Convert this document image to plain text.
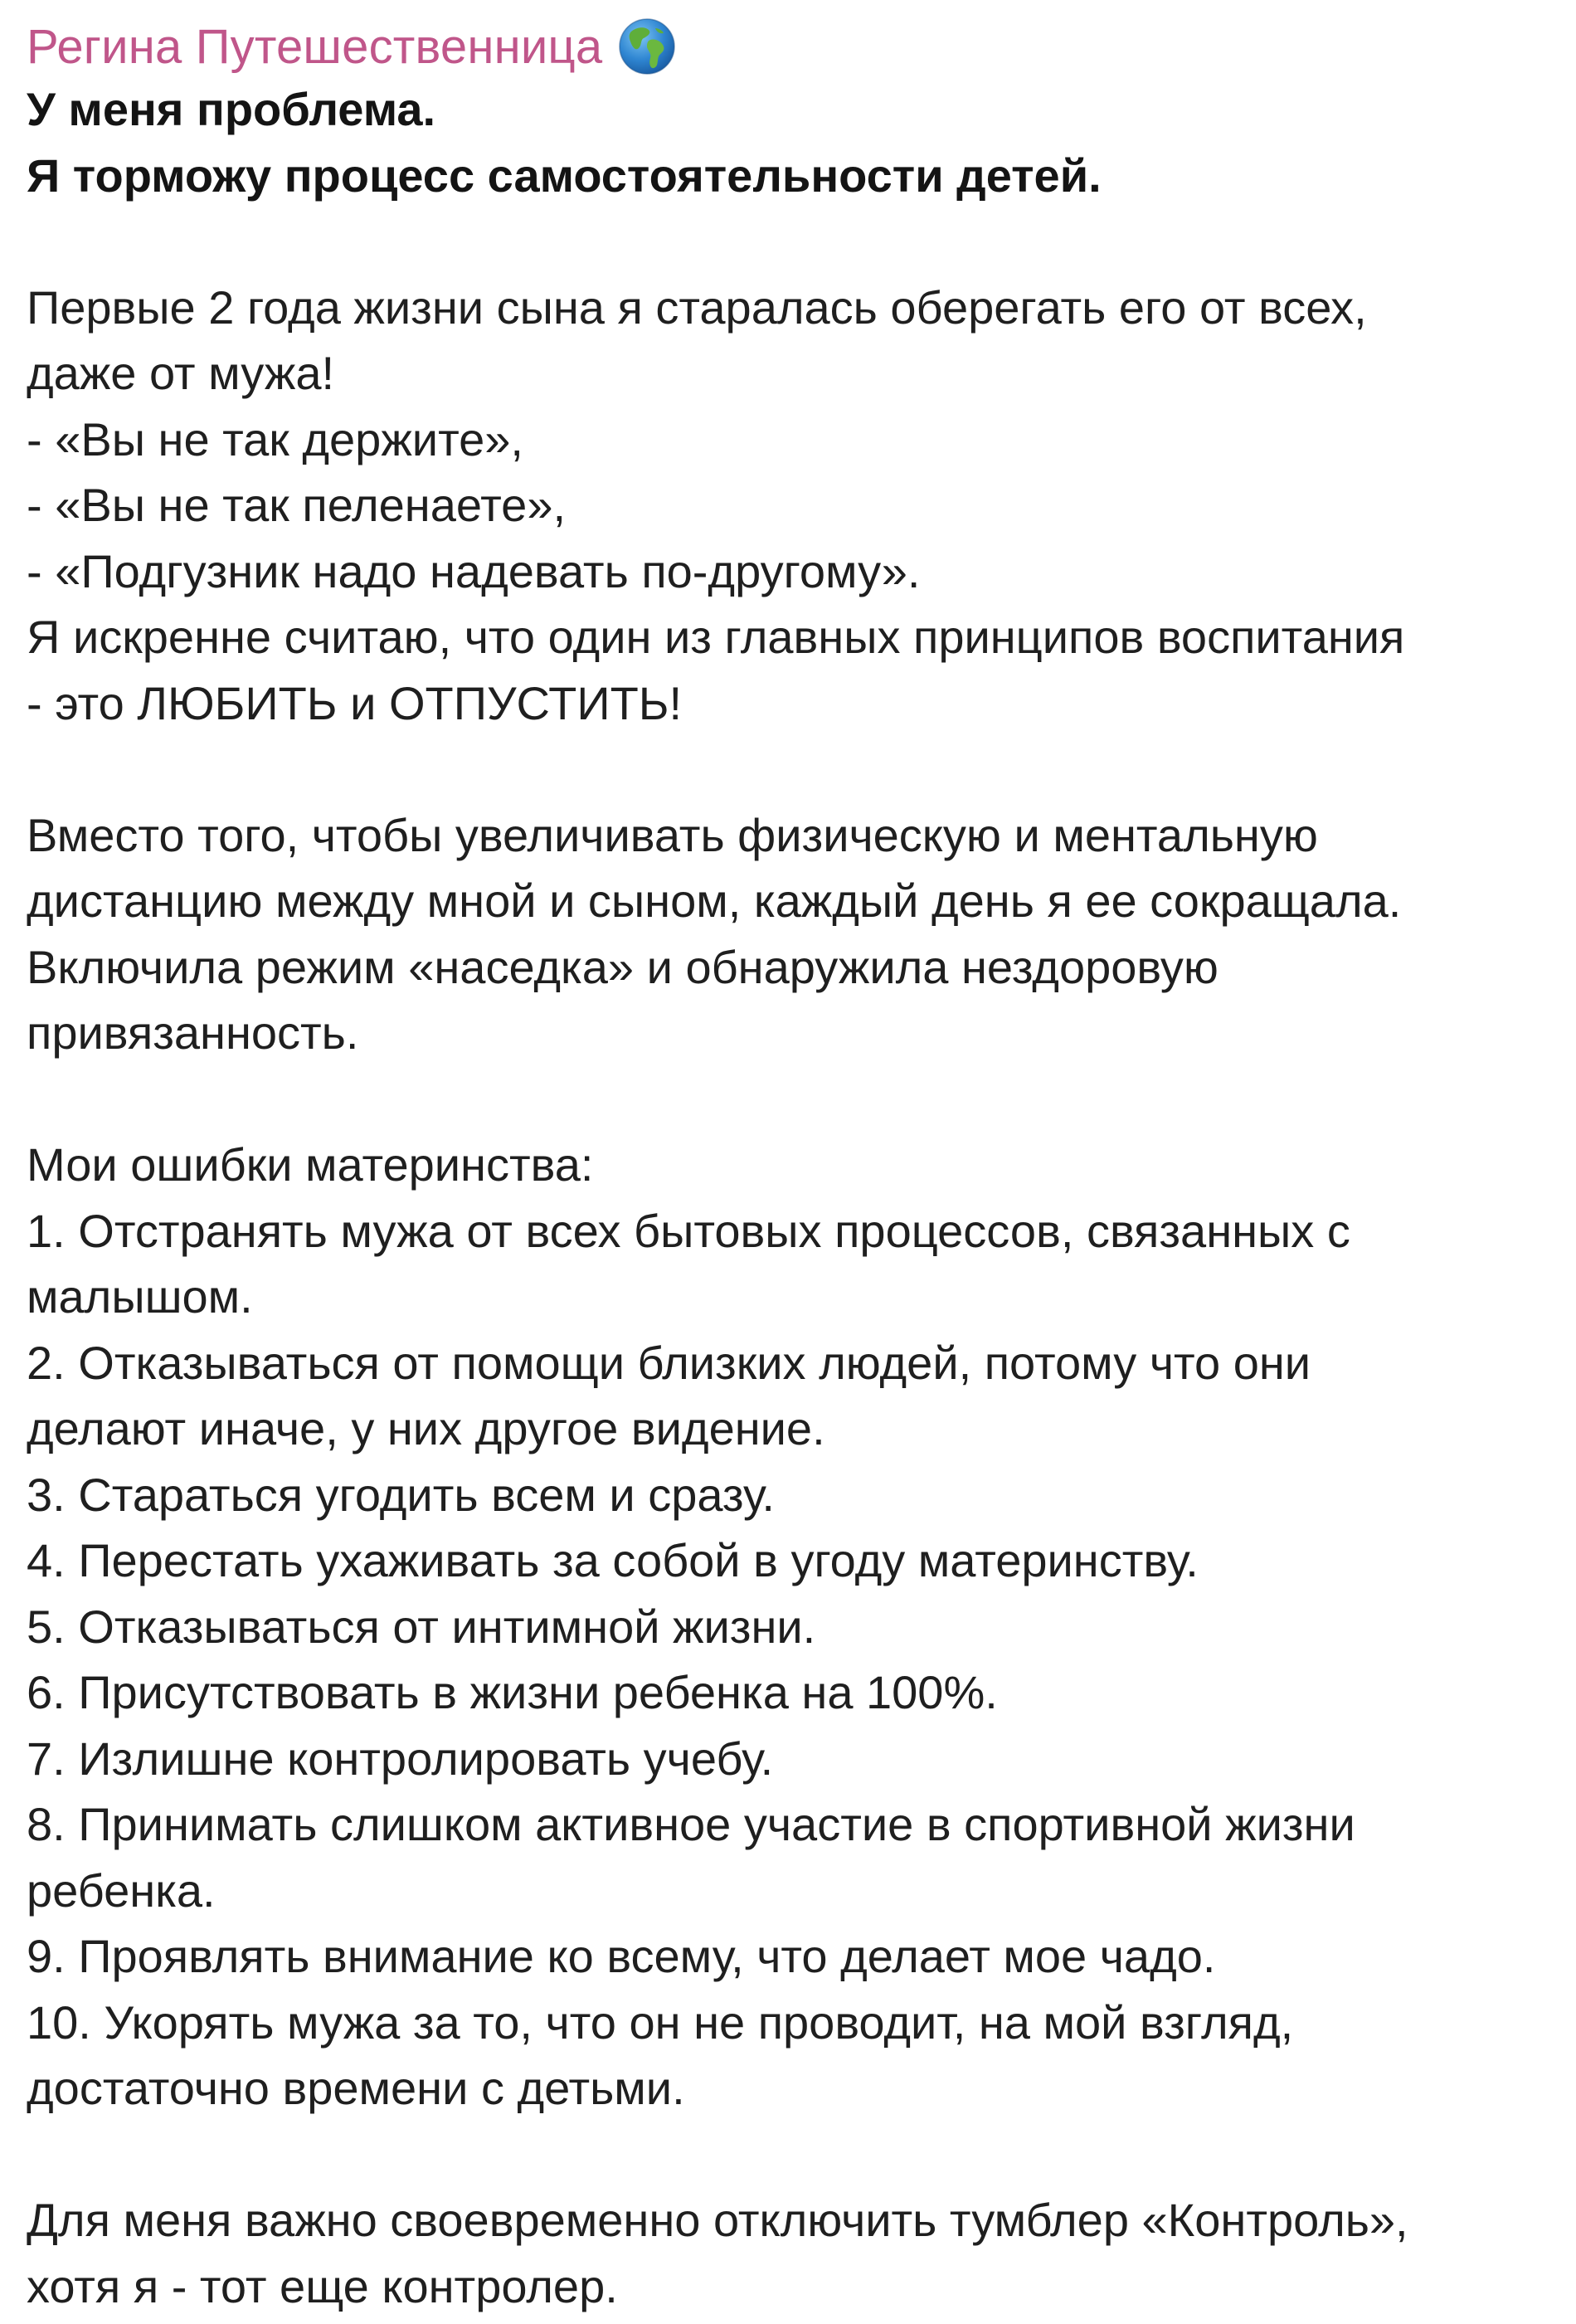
Регина Путешественница
У меня проблема.
Я торможу процесс самостоятельности детей.
Первые 2 года жизни сына я старалась оберегать его от всех,
даже от мужа!
- «Вы не так держите»,
- «Вы не так пеленаете»,
- «Подгузник надо надевать по-другому».
Я искренне считаю, что один из главных принципов воспитания
- это ЛЮБИТЬ и ОТПУСТИТЬ!
Вместо того, чтобы увеличивать физическую и ментальную
дистанцию между мной и сыном, каждый день я ее сокращала.
Включила режим «наседка» и обнаружила нездоровую
привязанность.
Мои ошибки материнства:
1. Отстранять мужа от всех бытовых процессов, связанных с
малышом.
2. Отказываться от помощи близких людей, потому что они
делают иначе, у них другое видение.
3. Стараться угодить всем и сразу.
4. Перестать ухаживать за собой в угоду материнству.
5. Отказываться от интимной жизни.
6. Присутствовать в жизни ребенка на 100%.
7. Излишне контролировать учебу.
8. Принимать слишком активное участие в спортивной жизни
ребенка.
9. Проявлять внимание ко всему, что делает мое чадо.
10. Укорять мужа за то, что он не проводит, на мой взгляд,
достаточно времени с детьми.
Для меня важно своевременно отключить тумблер «Контроль»,
хотя я - тот еще контролер.
